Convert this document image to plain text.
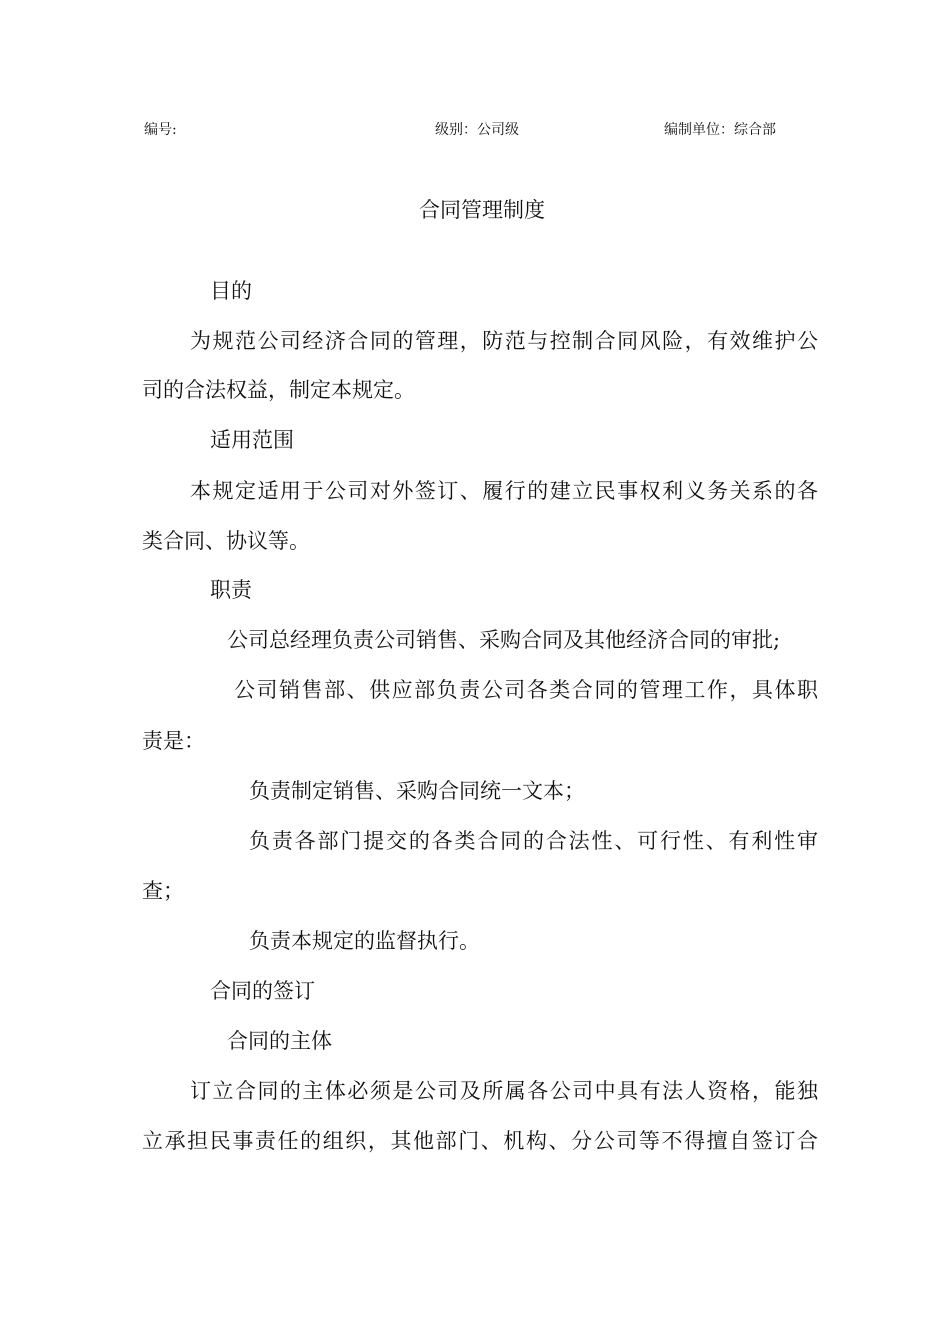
编号:	级别：公司级	编制单位：综合部
合同管理制度
目的
为规范公司经济合同的管理，防范与控制合同风险，有效维护公
司的合法权益，制定本规定。
适用范围
本规定适用于公司对外签订、履行的建立民事权利义务关系的各
类合同、协议等。
职责
公司总经理负责公司销售、采购合同及其他经济合同的审批;
公司销售部、供应部负责公司各类合同的管理工作，具体职
责是：
负责制定销售、采购合同统一文本；
负责各部门提交的各类合同的合法性、可行性、有利性审
查；
负责本规定的监督执行。
合同的签订
合同的主体
订立合同的主体必须是公司及所属各公司中具有法人资格，能独
立承担民事责任的组织，其他部门、机构、分公司等不得擅自签订合
